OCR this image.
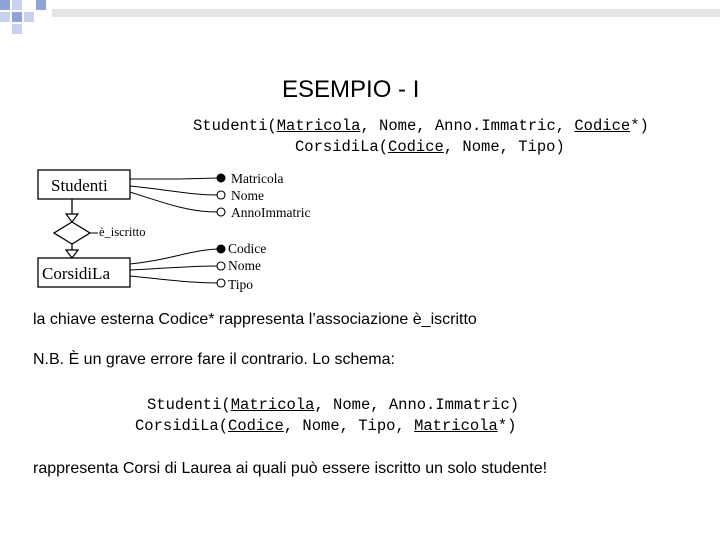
ESEMPIO - I
Studenti(Matricola, Nome, Anno.Immatric, Codice*)
CorsidiLa(Codice, Nome, Tipo)
Studenti
CorsidiLa
è_iscritto
Matricola
Nome
AnnoImmatric
Codice
Nome
Tipo
la chiave esterna Codice* rappresenta l’associazione è_iscritto
N.B. È un grave errore fare il contrario. Lo schema:
Studenti(Matricola, Nome, Anno.Immatric)
CorsidiLa(Codice, Nome, Tipo, Matricola*)
rappresenta Corsi di Laurea ai quali può essere iscritto un solo studente!
